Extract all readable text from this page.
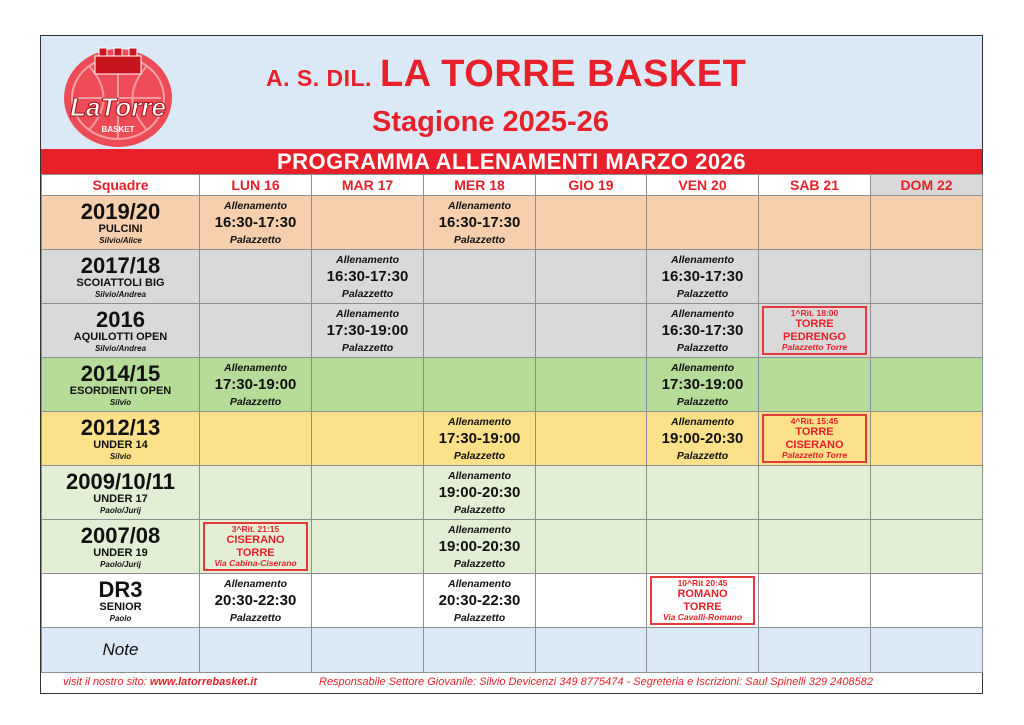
LaTorre
BASKET
A. S. DIL. LA TORRE BASKET
Stagione 2025-26
PROGRAMMA ALLENAMENTI MARZO 2026
Squadre	LUN 16	MAR 17	MER 18	GIO 19	VEN 20	SAB 21	DOM 22

2019/20
PULCINI
Silvio/Alice	Allenamento
16:30-17:30
Palazzetto		Allenamento
16:30-17:30
Palazzetto				

2017/18
SCOIATTOLI BIG
Silvio/Andrea		Allenamento
16:30-17:30
Palazzetto			Allenamento
16:30-17:30
Palazzetto		

2016
AQUILOTTI OPEN
Silvio/Andrea		Allenamento
17:30-19:00
Palazzetto			Allenamento
16:30-17:30
Palazzetto	1^Rit. 18:00
TORRE
PEDRENGO
Palazzetto Torre	

2014/15
ESORDIENTI OPEN
Silvio	Allenamento
17:30-19:00
Palazzetto				Allenamento
17:30-19:00
Palazzetto		

2012/13
UNDER 14
Silvio			Allenamento
17:30-19:00
Palazzetto		Allenamento
19:00-20:30
Palazzetto	4^Rit. 15:45
TORRE
CISERANO
Palazzetto Torre	

2009/10/11
UNDER 17
Paolo/Jurij			Allenamento
19:00-20:30
Palazzetto				

2007/08
UNDER 19
Paolo/Jurij	3^Rit. 21:15
CISERANO
TORRE
Via Cabina-Ciserano		Allenamento
19:00-20:30
Palazzetto				

DR3
SENIOR
Paolo	Allenamento
20:30-22:30
Palazzetto		Allenamento
20:30-22:30
Palazzetto		10^Rit 20:45
ROMANO
TORRE
Via Cavalli-Romano		

Note							
visit il nostro sito: www.latorrebasket.it	Responsabile Settore Giovanile: Silvio Devicenzi 349 8775474 - Segreteria e Iscrizioni: Saul Spinelli 329 2408582
